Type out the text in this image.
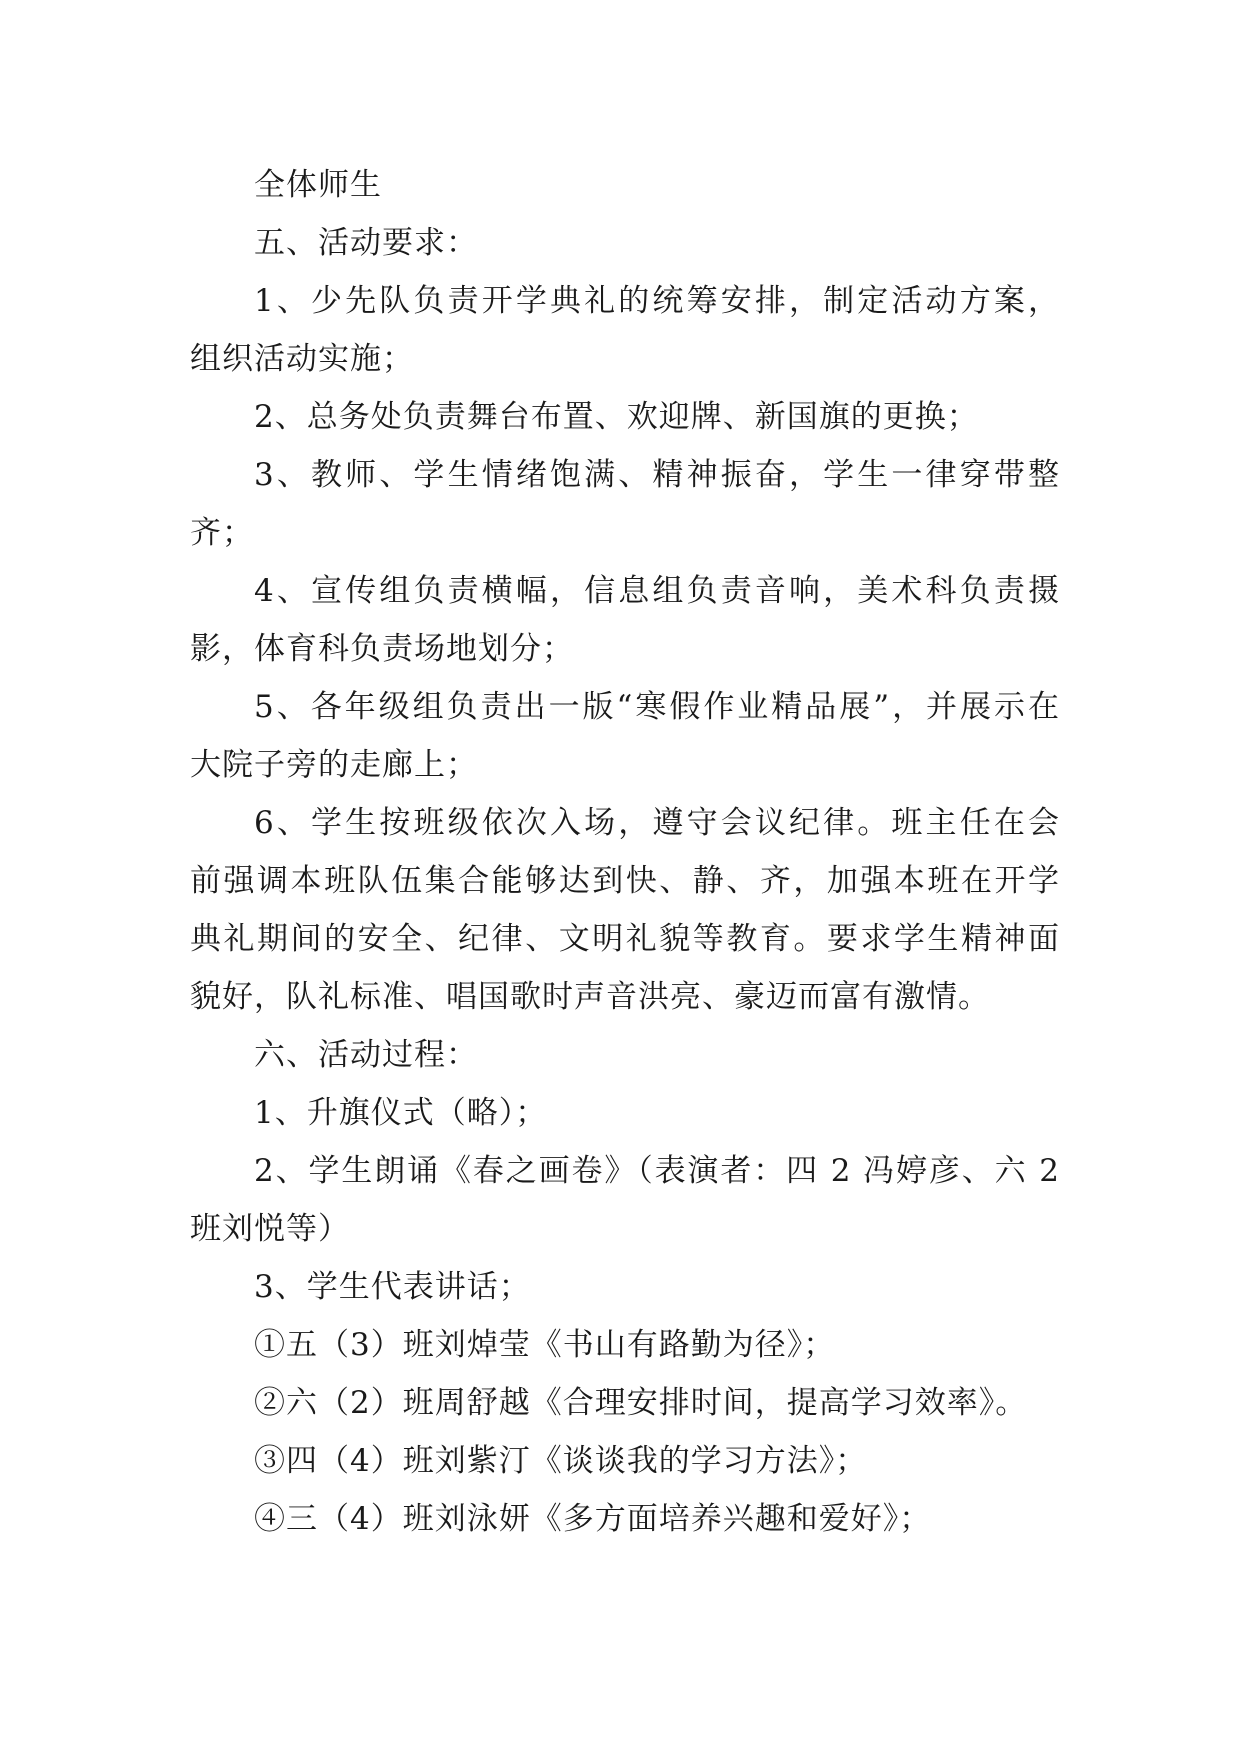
全体师生
五、活动要求：
1、少先队负责开学典礼的统筹安排，制定活动方案，
组织活动实施；
2、总务处负责舞台布置、欢迎牌、新国旗的更换；
3、教师、学生情绪饱满、精神振奋，学生一律穿带整
齐；
4、宣传组负责横幅，信息组负责音响，美术科负责摄
影，体育科负责场地划分；
5、各年级组负责出一版“寒假作业精品展”，并展示在
大院子旁的走廊上；
6、学生按班级依次入场，遵守会议纪律。班主任在会
前强调本班队伍集合能够达到快、静、齐，加强本班在开学
典礼期间的安全、纪律、文明礼貌等教育。要求学生精神面
貌好，队礼标准、唱国歌时声音洪亮、豪迈而富有激情。
六、活动过程：
1、升旗仪式（略）；
2、学生朗诵《春之画卷》（表演者：四 2 冯婷彦、六 2
班刘悦等）
3、学生代表讲话；
①五（3）班刘焯莹《书山有路勤为径》；
②六（2）班周舒越《合理安排时间，提高学习效率》。
③四（4）班刘紫汀《谈谈我的学习方法》；
④三（4）班刘泳妍《多方面培养兴趣和爱好》；
